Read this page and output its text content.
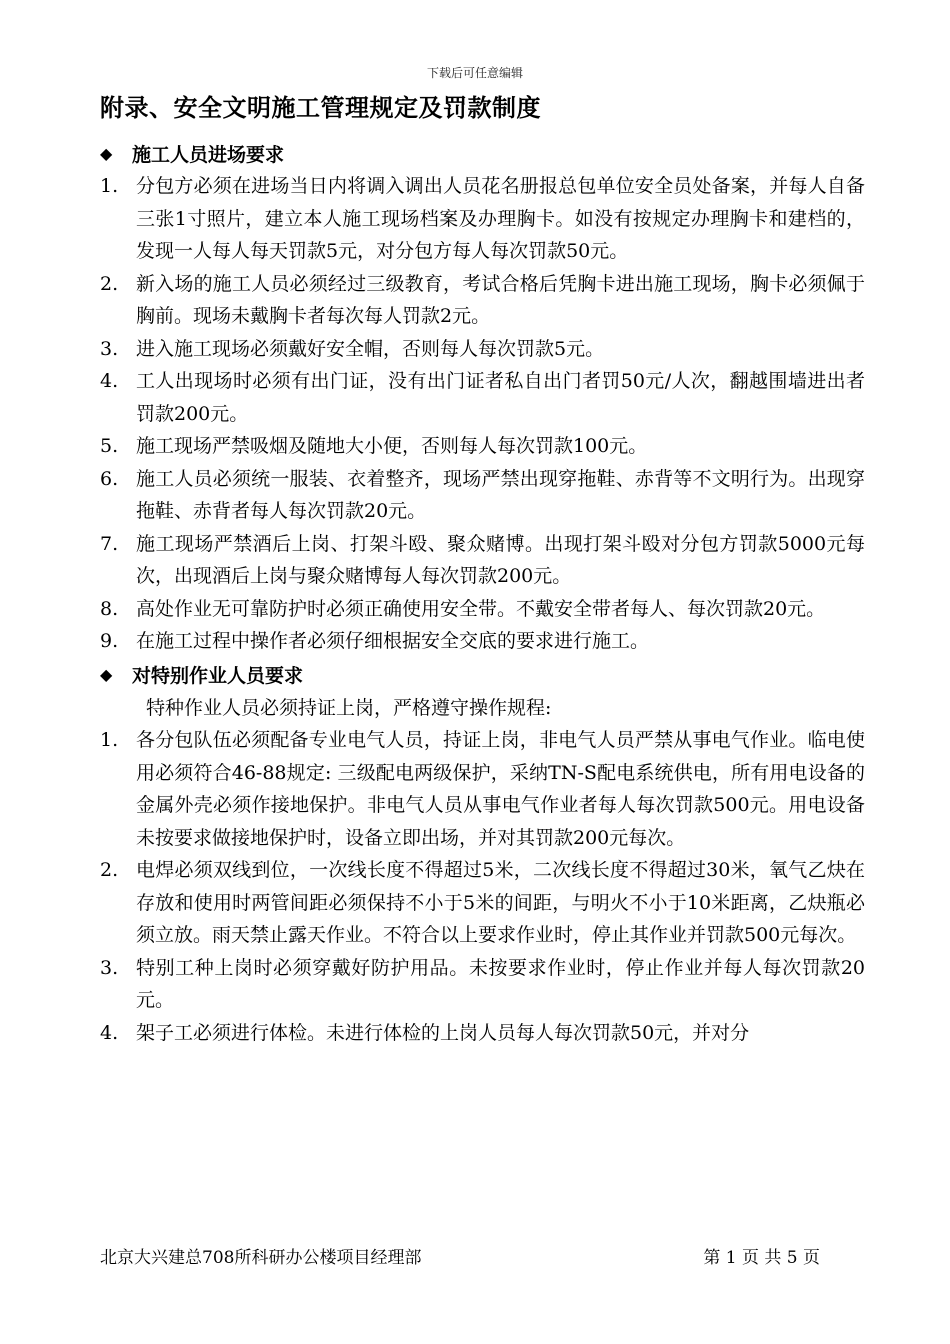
下载后可任意编辑
附录、安全文明施工管理规定及罚款制度
◆ 施工人员进场要求
1. 分包方必须在进场当日内将调入调出人员花名册报总包单位安全员处备案，并每人自备三张1寸照片，建立本人施工现场档案及办理胸卡。如没有按规定办理胸卡和建档的，发现一人每人每天罚款5元，对分包方每人每次罚款50元。
2. 新入场的施工人员必须经过三级教育，考试合格后凭胸卡进出施工现场，胸卡必须佩于胸前。现场未戴胸卡者每次每人罚款2元。
3. 进入施工现场必须戴好安全帽，否则每人每次罚款5元。
4. 工人出现场时必须有出门证，没有出门证者私自出门者罚50元/人次，翻越围墙进出者罚款200元。
5. 施工现场严禁吸烟及随地大小便，否则每人每次罚款100元。
6. 施工人员必须统一服装、衣着整齐，现场严禁出现穿拖鞋、赤背等不文明行为。出现穿拖鞋、赤背者每人每次罚款20元。
7. 施工现场严禁酒后上岗、打架斗殴、聚众赌博。出现打架斗殴对分包方罚款5000元每次，出现酒后上岗与聚众赌博每人每次罚款200元。
8. 高处作业无可靠防护时必须正确使用安全带。不戴安全带者每人、每次罚款20元。
9. 在施工过程中操作者必须仔细根据安全交底的要求进行施工。
◆ 对特别作业人员要求
特种作业人员必须持证上岗，严格遵守操作规程:
1. 各分包队伍必须配备专业电气人员，持证上岗，非电气人员严禁从事电气作业。临电使用必须符合46-88规定: 三级配电两级保护，采纳TN-S配电系统供电，所有用电设备的金属外壳必须作接地保护。非电气人员从事电气作业者每人每次罚款500元。用电设备未按要求做接地保护时，设备立即出场，并对其罚款200元每次。
2. 电焊必须双线到位，一次线长度不得超过5米，二次线长度不得超过30米，氧气乙炔在存放和使用时两管间距必须保持不小于5米的间距，与明火不小于10米距离，乙炔瓶必须立放。雨天禁止露天作业。不符合以上要求作业时，停止其作业并罚款500元每次。
3. 特别工种上岗时必须穿戴好防护用品。未按要求作业时，停止作业并每人每次罚款20元。
4. 架子工必须进行体检。未进行体检的上岗人员每人每次罚款50元，并对分
北京大兴建总708所科研办公楼项目经理部	第 1 页 共 5 页
